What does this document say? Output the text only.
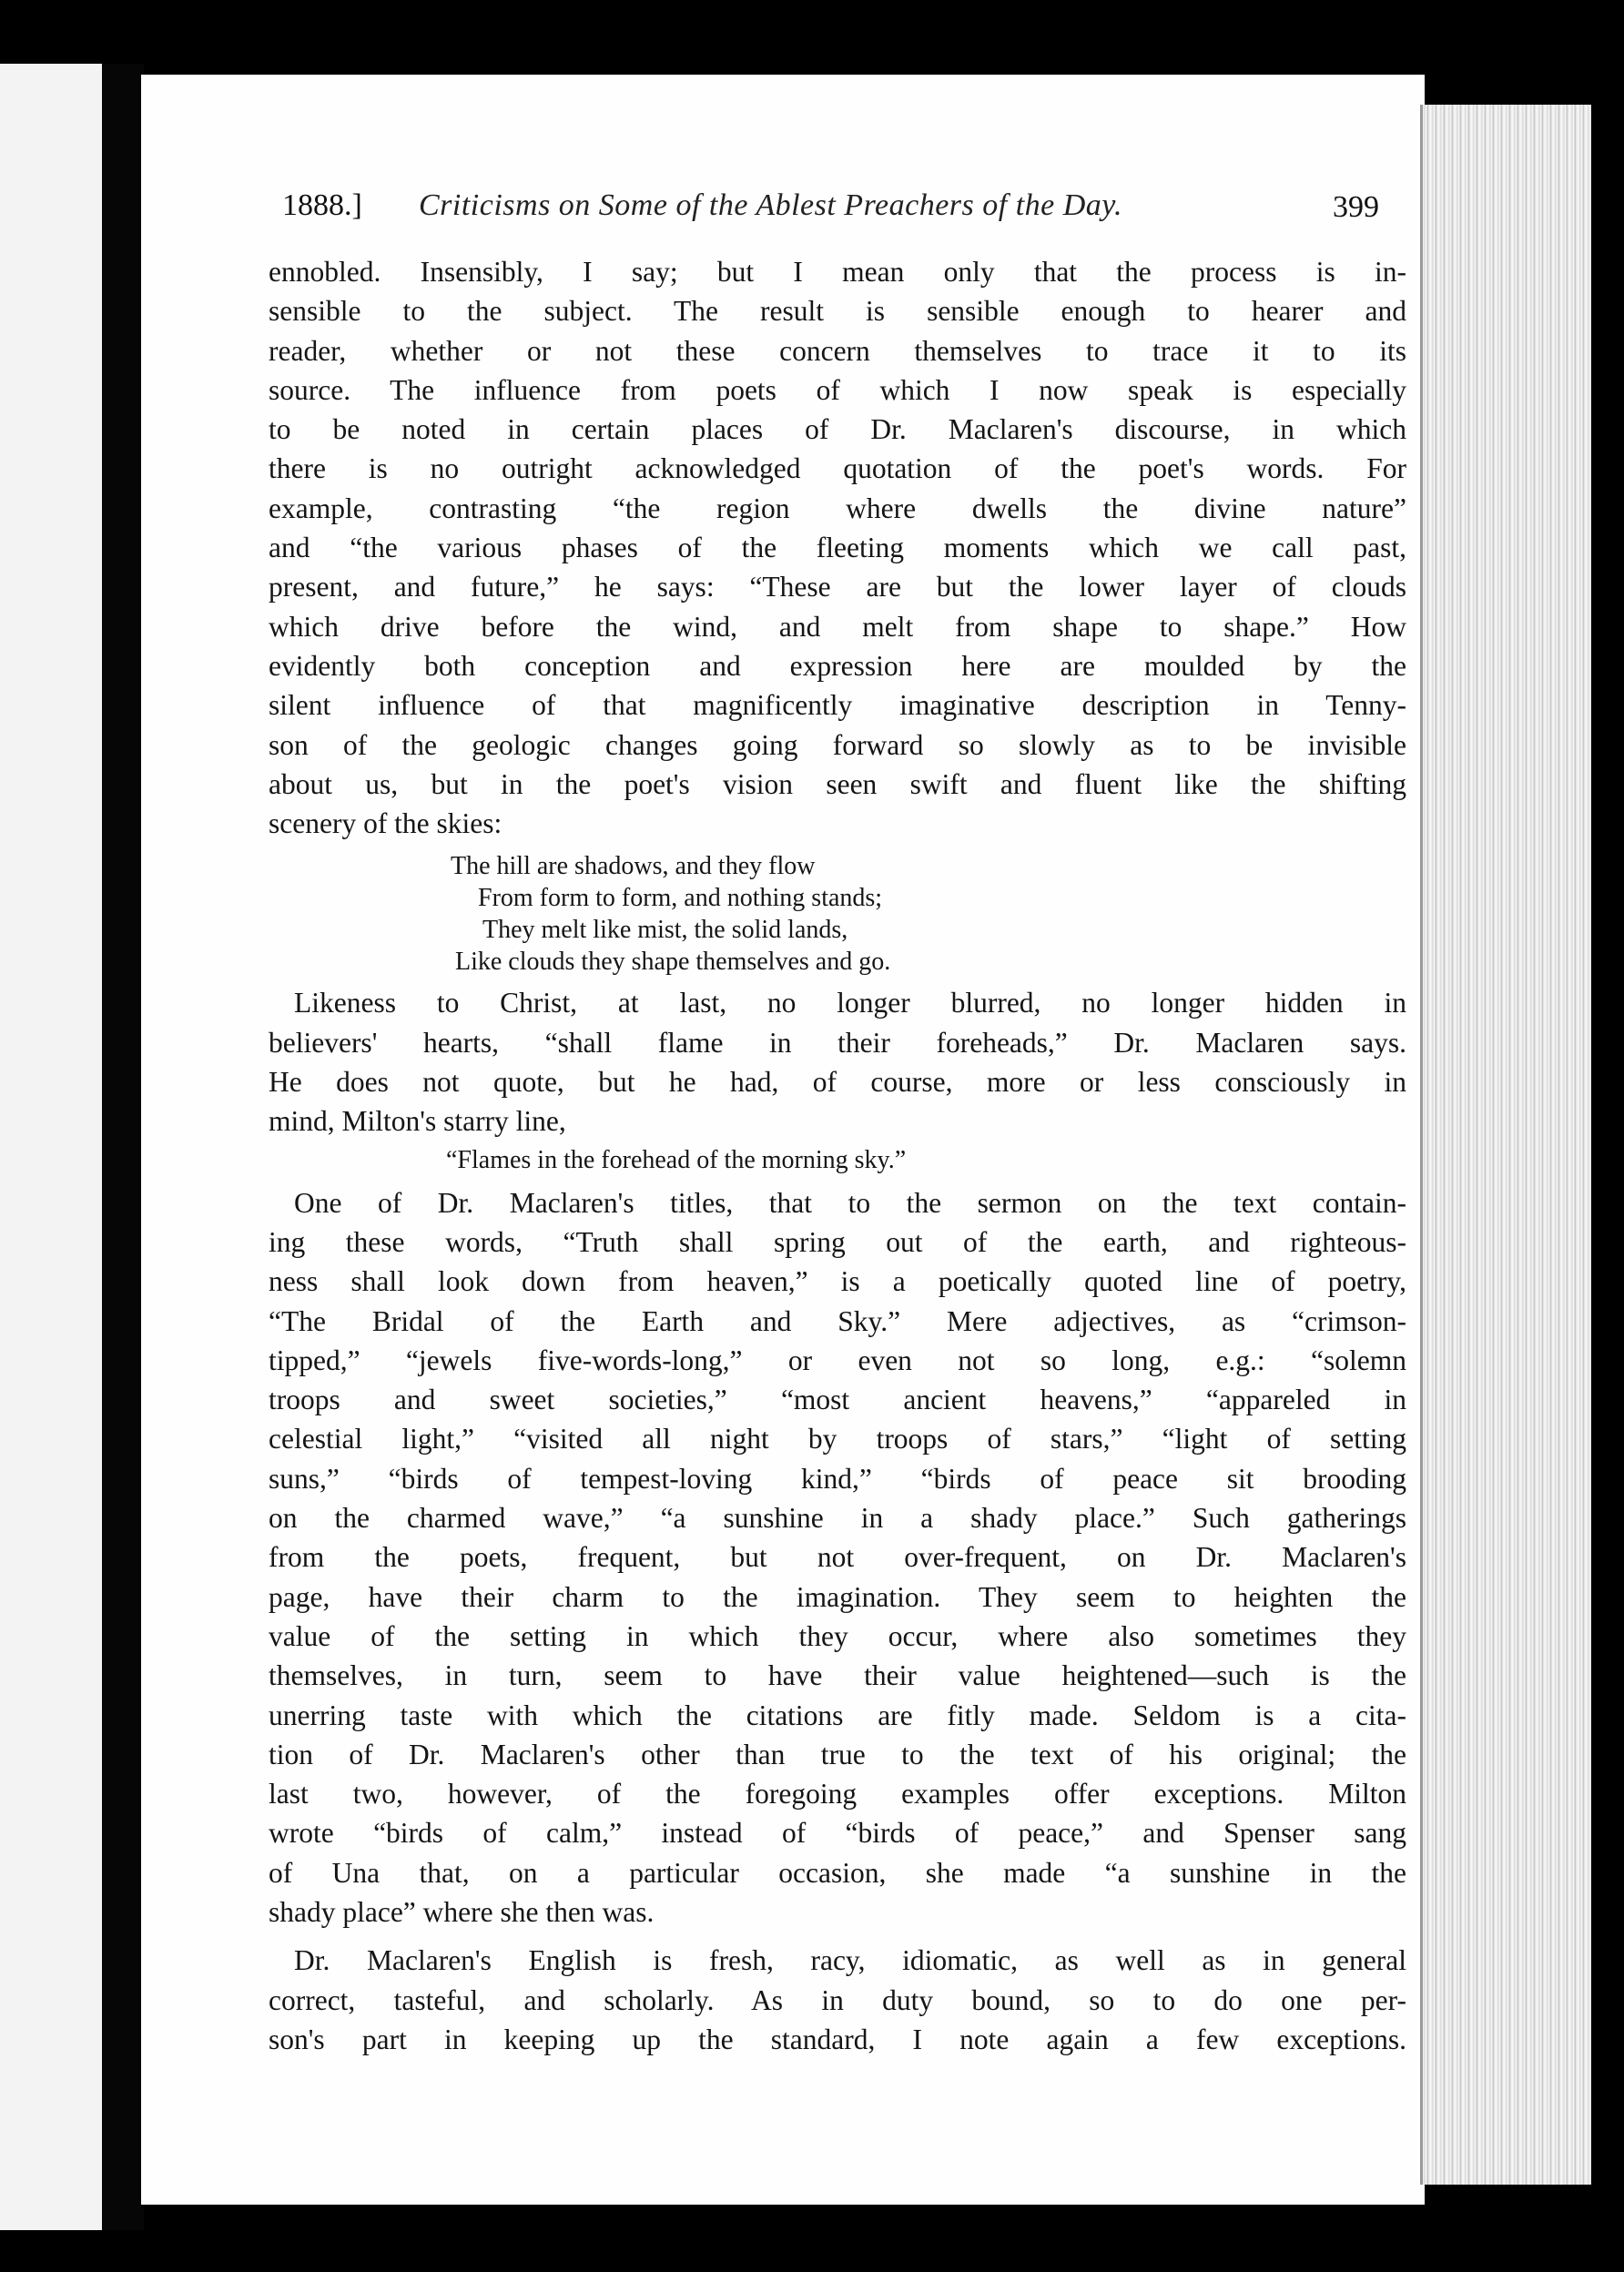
1888.] Criticisms on Some of the Ablest Preachers of the Day.	399
ennobled. Insensibly, I say; but I mean only that the process is in-
sensible to the subject. The result is sensible enough to hearer and
reader, whether or not these concern themselves to trace it to its
source. The influence from poets of which I now speak is especially
to be noted in certain places of Dr. Maclaren's discourse, in which
there is no outright acknowledged quotation of the poet's words. For
example, contrasting “the region where dwells the divine nature”
and “the various phases of the fleeting moments which we call past,
present, and future,” he says: “These are but the lower layer of clouds
which drive before the wind, and melt from shape to shape.” How
evidently both conception and expression here are moulded by the
silent influence of that magnificently imaginative description in Tenny-
son of the geologic changes going forward so slowly as to be invisible
about us, but in the poet's vision seen swift and fluent like the shifting
scenery of the skies:
The hill are shadows, and they flow
From form to form, and nothing stands;
They melt like mist, the solid lands,
Like clouds they shape themselves and go.
Likeness to Christ, at last, no longer blurred, no longer hidden in
believers' hearts, “shall flame in their foreheads,” Dr. Maclaren says.
He does not quote, but he had, of course, more or less consciously in
mind, Milton's starry line,
“Flames in the forehead of the morning sky.”
One of Dr. Maclaren's titles, that to the sermon on the text contain-
ing these words, “Truth shall spring out of the earth, and righteous-
ness shall look down from heaven,” is a poetically quoted line of poetry,
“The Bridal of the Earth and Sky.” Mere adjectives, as “crimson-
tipped,” “jewels five-words-long,” or even not so long, e.g.: “solemn
troops and sweet societies,” “most ancient heavens,” “appareled in
celestial light,” “visited all night by troops of stars,” “light of setting
suns,” “birds of tempest-loving kind,” “birds of peace sit brooding
on the charmed wave,” “a sunshine in a shady place.” Such gatherings
from the poets, frequent, but not over-frequent, on Dr. Maclaren's
page, have their charm to the imagination. They seem to heighten the
value of the setting in which they occur, where also sometimes they
themselves, in turn, seem to have their value heightened—such is the
unerring taste with which the citations are fitly made. Seldom is a cita-
tion of Dr. Maclaren's other than true to the text of his original; the
last two, however, of the foregoing examples offer exceptions. Milton
wrote “birds of calm,” instead of “birds of peace,” and Spenser sang
of Una that, on a particular occasion, she made “a sunshine in the
shady place” where she then was.
Dr. Maclaren's English is fresh, racy, idiomatic, as well as in general
correct, tasteful, and scholarly. As in duty bound, so to do one per-
son's part in keeping up the standard, I note again a few exceptions.
